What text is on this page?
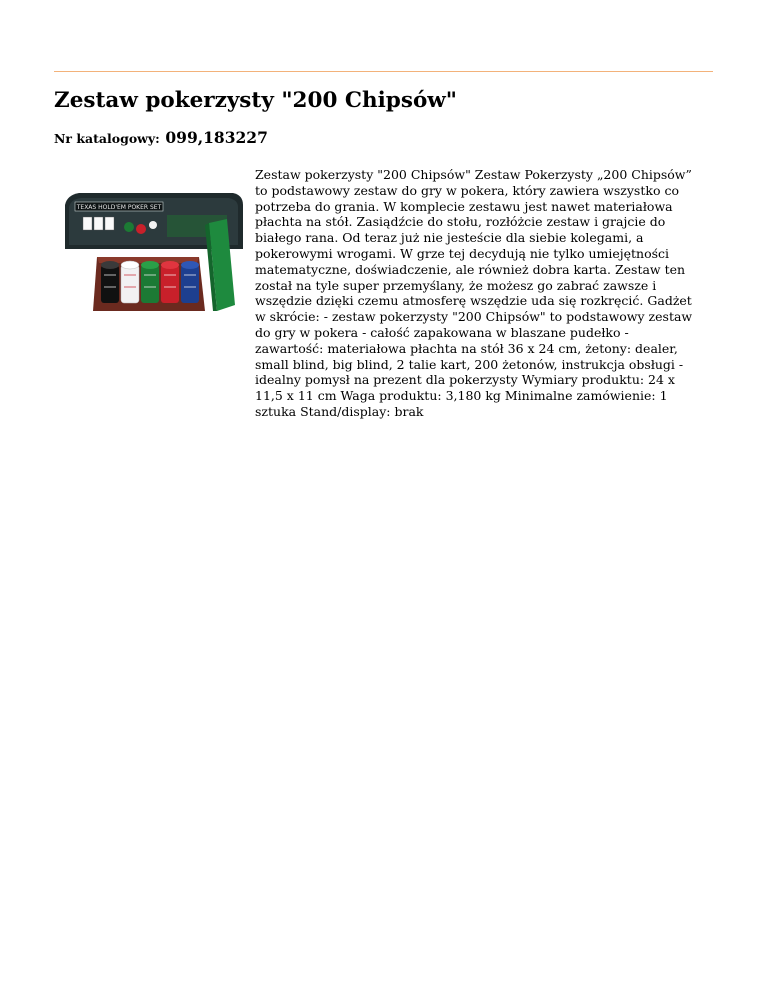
Zestaw pokerzysty "200 Chipsów"
Nr katalogowy: 099,183227
TEXAS HOLD'EM POKER SET

Zestaw pokerzysty "200 Chipsów" Zestaw Pokerzysty „200 Chipsów”
to podstawowy zestaw do gry w pokera, który zawiera wszystko co
potrzeba do grania. W komplecie zestawu jest nawet materiałowa
płachta na stół. Zasiądźcie do stołu, rozłóżcie zestaw i grajcie do
białego rana. Od teraz już nie jesteście dla siebie kolegami, a
pokerowymi wrogami. W grze tej decydują nie tylko umiejętności
matematyczne, doświadczenie, ale również dobra karta. Zestaw ten
został na tyle super przemyślany, że możesz go zabrać zawsze i
wszędzie dzięki czemu atmosferę wszędzie uda się rozkręcić. Gadżet
w skrócie: - zestaw pokerzysty "200 Chipsów" to podstawowy zestaw
do gry w pokera - całość zapakowana w blaszane pudełko -
zawartość: materiałowa płachta na stół 36 x 24 cm, żetony: dealer,
small blind, big blind, 2 talie kart, 200 żetonów, instrukcja obsługi -
idealny pomysł na prezent dla pokerzysty Wymiary produktu: 24 x
11,5 x 11 cm Waga produktu: 3,180 kg Minimalne zamówienie: 1
sztuka Stand/display: brak
